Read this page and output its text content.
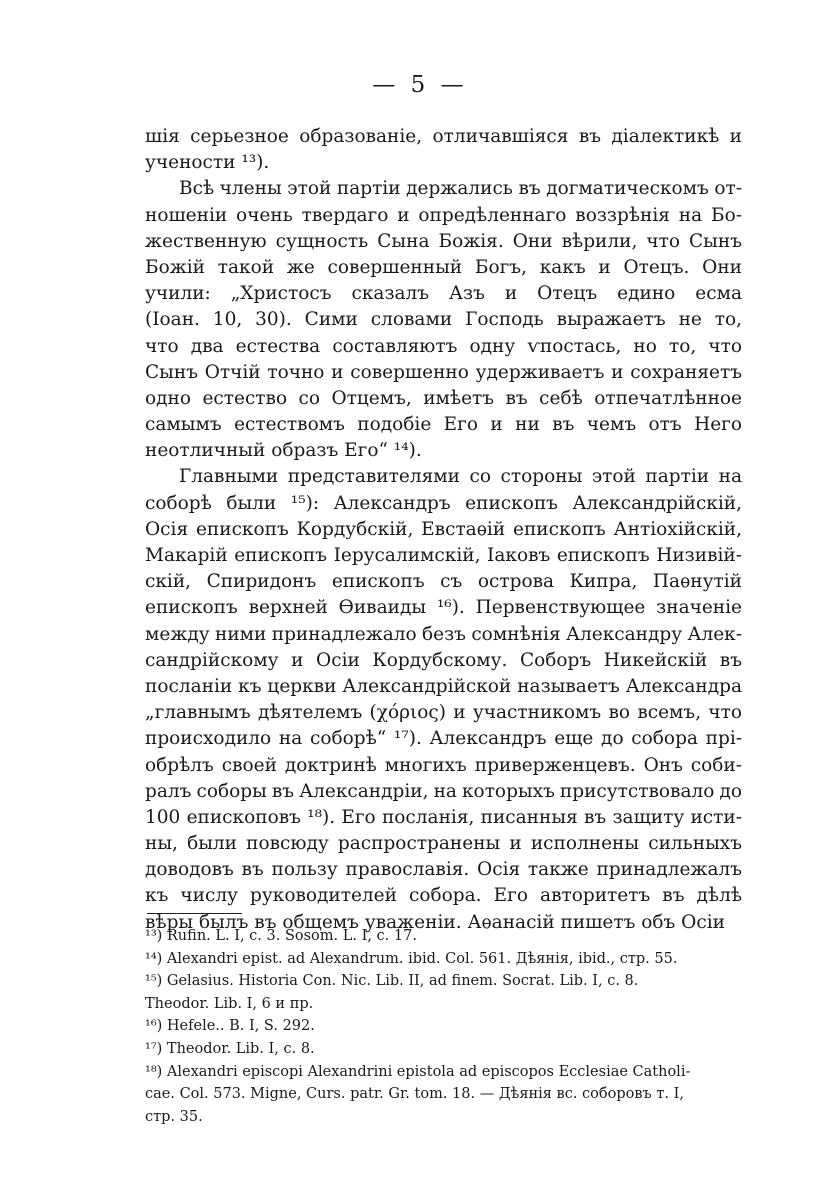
— 5 —
шія серьезное образованіе, отличавшіяся въ діалектикѣ и
учености ¹³).
Всѣ члены этой партіи держались въ догматическомъ от-
ношеніи очень твердаго и опредѣленнаго воззрѣнія на Бо-
жественную сущность Сына Божія. Они вѣрили, что Сынъ
Божій такой же совершенный Богъ, какъ и Отецъ. Они
учили: „Христосъ сказалъ Азъ и Отецъ едино есма
(Іоан. 10, 30). Сими словами Господь выражаетъ не то,
что два естества составляютъ одну ѵпостась, но то, что
Сынъ Отчій точно и совершенно удерживаетъ и сохраняетъ
одно естество со Отцемъ, имѣетъ въ себѣ отпечатлѣнное
самымъ естествомъ подобіе Его и ни въ чемъ отъ Него
неотличный образъ Его“ ¹⁴).
Главными представителями со стороны этой партіи на
соборѣ были ¹⁵): Александръ епископъ Александрійскій,
Осія епископъ Кордубскій, Евстаѳій епископъ Антіохійскій,
Макарій епископъ Іерусалимскій, Іаковъ епископъ Низивій-
скій, Спиридонъ епископъ съ острова Кипра, Паѳнутій
епископъ верхней Ѳиваиды ¹⁶). Первенствующее значеніе
между ними принадлежало безъ сомнѣнія Александру Алек-
сандрійскому и Осіи Кордубскому. Соборъ Никейскій въ
посланіи къ церкви Александрійской называетъ Александра
„главнымъ дѣятелемъ (χόριος) и участникомъ во всемъ, что
происходило на соборѣ“ ¹⁷). Александръ еще до собора прі-
обрѣлъ своей доктринѣ многихъ приверженцевъ. Онъ соби-
ралъ соборы въ Александріи, на которыхъ присутствовало до
100 епископовъ ¹⁸). Его посланія, писанныя въ защиту исти-
ны, были повсюду распространены и исполнены сильныхъ
доводовъ въ пользу православія. Осія также принадлежалъ
къ числу руководителей собора. Его авторитетъ въ дѣлѣ
вѣры былъ въ общемъ уваженіи. Аѳанасій пишетъ объ Осіи
¹³) Rufin. L. I, c. 3. Sosom. L. I, c. 17.
¹⁴) Alexandri epist. ad Alexandrum. ibid. Col. 561. Дѣянія, ibid., стр. 55.
¹⁵) Gelasius. Historia Con. Nic. Lib. II, ad finem. Socrat. Lib. I, c. 8.
Theodor. Lib. I, 6 и пр.
¹⁶) Hefele.. B. I, S. 292.
¹⁷) Theodor. Lib. I, c. 8.
¹⁸) Alexandri episcopi Alexandrini epistola ad episcopos Ecclesiae Catholi-
cae. Col. 573. Migne, Curs. patr. Gr. tom. 18. — Дѣянія вс. соборовъ т. I,
стр. 35.
